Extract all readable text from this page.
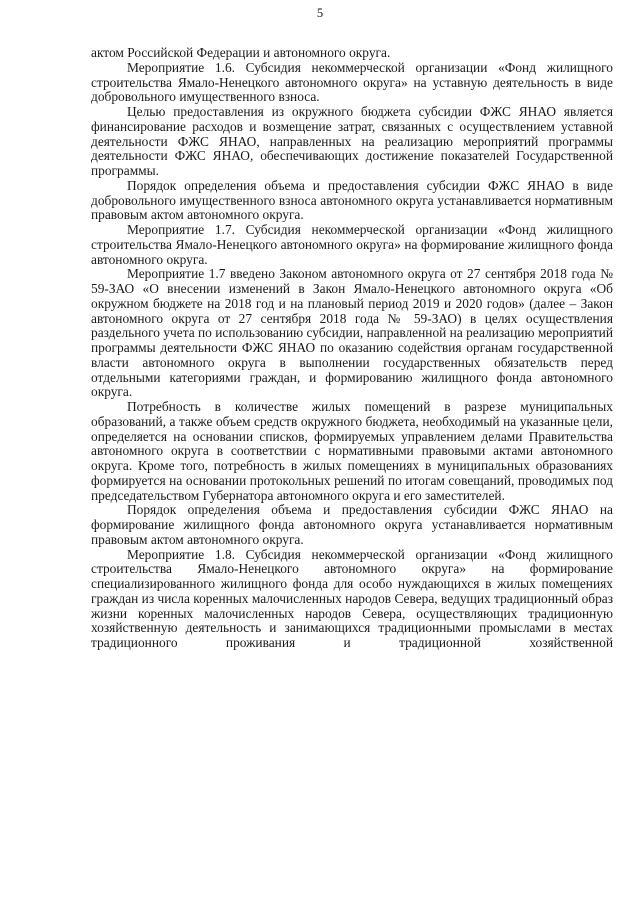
5

актом Российской Федерации и автономного округа.

Мероприятие 1.6. Субсидия некоммерческой организации «Фонд жилищного строительства Ямало-Ненецкого автономного округа» на уставную деятельность в виде добровольного имущественного взноса.

Целью предоставления из окружного бюджета субсидии ФЖС ЯНАО является финансирование расходов и возмещение затрат, связанных с осуществлением уставной деятельности ФЖС ЯНАО, направленных на реализацию мероприятий программы деятельности ФЖС ЯНАО, обеспечивающих достижение показателей Государственной программы.

Порядок определения объема и предоставления субсидии ФЖС ЯНАО в виде добровольного имущественного взноса автономного округа устанавливается нормативным правовым актом автономного округа.

Мероприятие 1.7. Субсидия некоммерческой организации «Фонд жилищного строительства Ямало-Ненецкого автономного округа» на формирование жилищного фонда автономного округа.

Мероприятие 1.7 введено Законом автономного округа от 27 сентября 2018 года № 59-ЗАО «О внесении изменений в Закон Ямало-Ненецкого автономного округа «Об окружном бюджете на 2018 год и на плановый период 2019 и 2020 годов» (далее – Закон автономного округа от 27 сентября 2018 года № 59-ЗАО) в целях осуществления раздельного учета по использованию субсидии, направленной на реализацию мероприятий программы деятельности ФЖС ЯНАО по оказанию содействия органам государственной власти автономного округа в выполнении государственных обязательств перед отдельными категориями граждан, и формированию жилищного фонда автономного округа.

Потребность в количестве жилых помещений в разрезе муниципальных образований, а также объем средств окружного бюджета, необходимый на указанные цели, определяется на основании списков, формируемых управлением делами Правительства автономного округа в соответствии с нормативными правовыми актами автономного округа. Кроме того, потребность в жилых помещениях в муниципальных образованиях формируется на основании протокольных решений по итогам совещаний, проводимых под председательством Губернатора автономного округа и его заместителей.

Порядок определения объема и предоставления субсидии ФЖС ЯНАО на формирование жилищного фонда автономного округа устанавливается нормативным правовым актом автономного округа.

Мероприятие 1.8. Субсидия некоммерческой организации «Фонд жилищного строительства Ямало-Ненецкого автономного округа» на формирование специализированного жилищного фонда для особо нуждающихся в жилых помещениях граждан из числа коренных малочисленных народов Севера, ведущих традиционный образ жизни коренных малочисленных народов Севера, осуществляющих традиционную хозяйственную деятельность и занимающихся традиционными промыслами в местах традиционного проживания и традиционной хозяйственной
